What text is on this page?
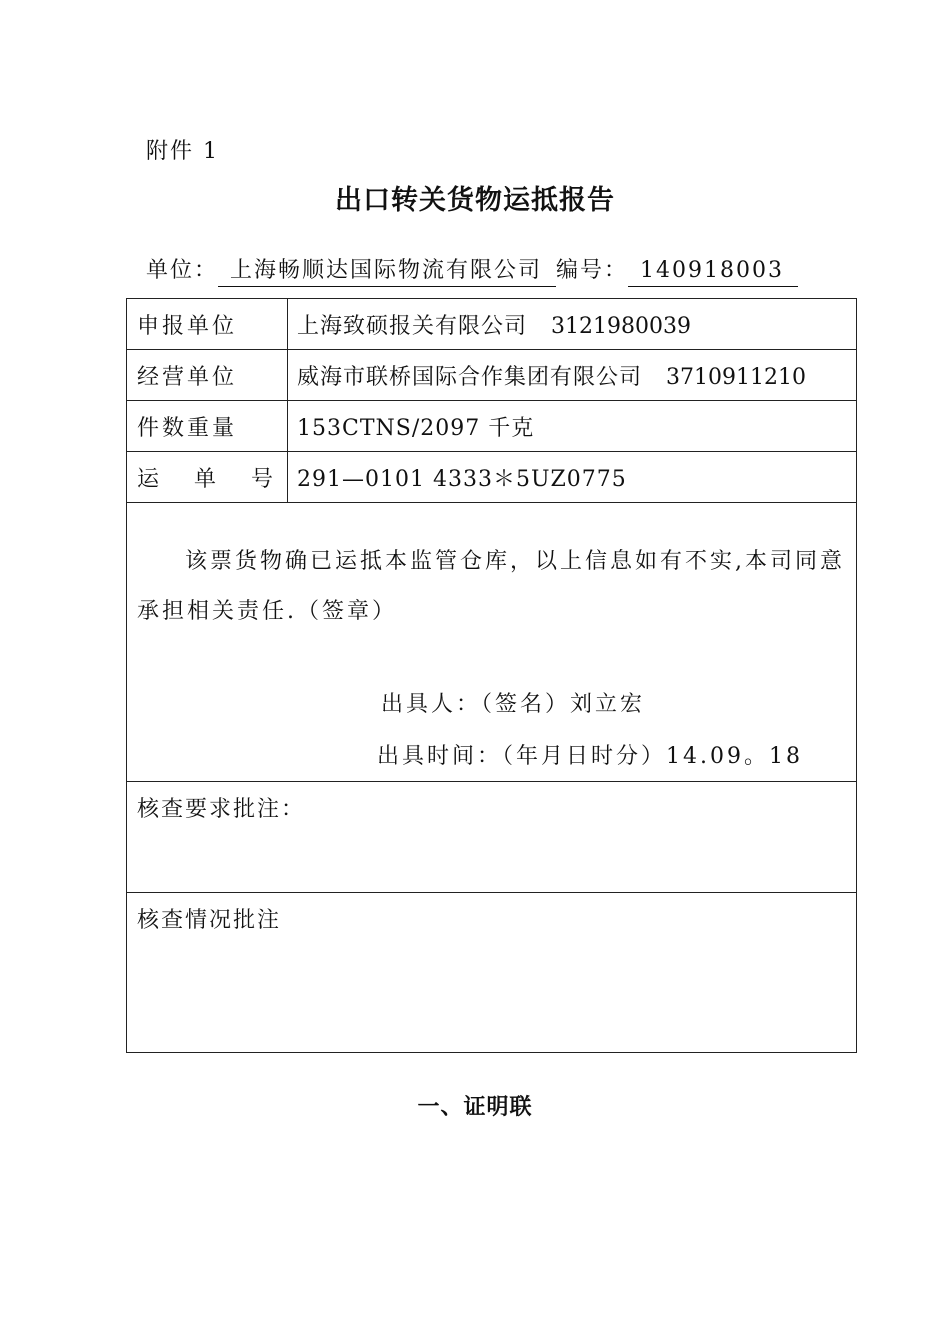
附件 1
出口转关货物运抵报告
单位： 上海畅顺达国际物流有限公司 编号： 140918003
申报单位	上海致硕报关有限公司 3121980039
经营单位	威海市联桥国际合作集团有限公司 3710911210
件数重量	153CTNS/2097 千克
运 单 号	291—0101 4333＊5UZ0775

该票货物确已运抵本监管仓库，以上信息如有不实,本司同意承担相关责任.（签章）
出具人：（签名）刘立宏
出具时间：（年月日时分）14.09。18	

核查要求批注：	
核查情况批注	
一、证明联
